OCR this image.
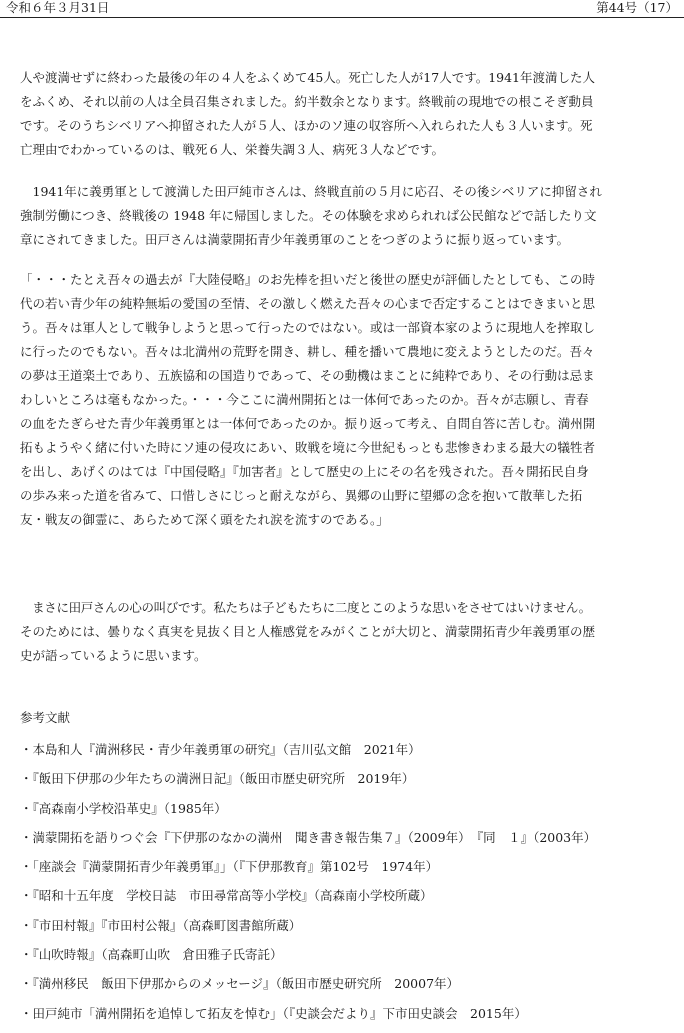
令和６年３月31日	第44号（17）
人や渡満せずに終わった最後の年の４人をふくめて45人。死亡した人が17人です。1941年渡満した人
をふくめ、それ以前の人は全員召集されました。約半数余となります。終戦前の現地での根こそぎ動員
です。そのうちシベリアへ抑留された人が５人、ほかのソ連の収容所へ入れられた人も３人います。死
亡理由でわかっているのは、戦死６人、栄養失調３人、病死３人などです。
　1941年に義勇軍として渡満した田戸純市さんは、終戦直前の５月に応召、その後シベリアに抑留され
強制労働につき、終戦後の 1948 年に帰国しました。その体験を求められれば公民館などで話したり文
章にされてきました。田戸さんは満蒙開拓青少年義勇軍のことをつぎのように振り返っています。
「・・・たとえ吾々の過去が『大陸侵略』のお先棒を担いだと後世の歴史が評価したとしても、この時
代の若い青少年の純粋無垢の愛国の至情、その激しく燃えた吾々の心まで否定することはできまいと思
う。吾々は軍人として戦争しようと思って行ったのではない。或は一部資本家のように現地人を搾取し
に行ったのでもない。吾々は北満州の荒野を開き、耕し、種を播いて農地に変えようとしたのだ。吾々
の夢は王道楽土であり、五族協和の国造りであって、その動機はまことに純粋であり、その行動は忌ま
わしいところは毫もなかった。・・・今ここに満州開拓とは一体何であったのか。吾々が志願し、青春
の血をたぎらせた青少年義勇軍とは一体何であったのか。振り返って考え、自問自答に苦しむ。満州開
拓もようやく緒に付いた時にソ連の侵攻にあい、敗戦を境に今世紀もっとも悲惨きわまる最大の犠牲者
を出し、あげくのはては『中国侵略』『加害者』として歴史の上にその名を残された。吾々開拓民自身
の歩み来った道を省みて、口惜しさにじっと耐えながら、異郷の山野に望郷の念を抱いて散華した拓
友・戦友の御霊に、あらためて深く頭をたれ涙を流すのである。」
　まさに田戸さんの心の叫びです。私たちは子どもたちに二度とこのような思いをさせてはいけません。
そのためには、曇りなく真実を見抜く目と人権感覚をみがくことが大切と、満蒙開拓青少年義勇軍の歴
史が語っているように思います。
参考文献
・本島和人『満洲移民・青少年義勇軍の研究』（吉川弘文館　2021年）
・『飯田下伊那の少年たちの満洲日記』（飯田市歴史研究所　2019年）
・『高森南小学校沿革史』（1985年）
・満蒙開拓を語りつぐ会『下伊那のなかの満州　聞き書き報告集７』（2009年）　『同　１』（2003年）
・「座談会『満蒙開拓青少年義勇軍』」（『下伊那教育』第102号　1974年）
・『昭和十五年度　学校日誌　市田尋常高等小学校』（高森南小学校所蔵）
・『市田村報』『市田村公報』（高森町図書館所蔵）
・『山吹時報』（高森町山吹　倉田雅子氏寄託）
・『満州移民　飯田下伊那からのメッセージ』（飯田市歴史研究所　20007年）
・田戸純市「満州開拓を追悼して拓友を悼む」（『史談会だより』下市田史談会　2015年）
